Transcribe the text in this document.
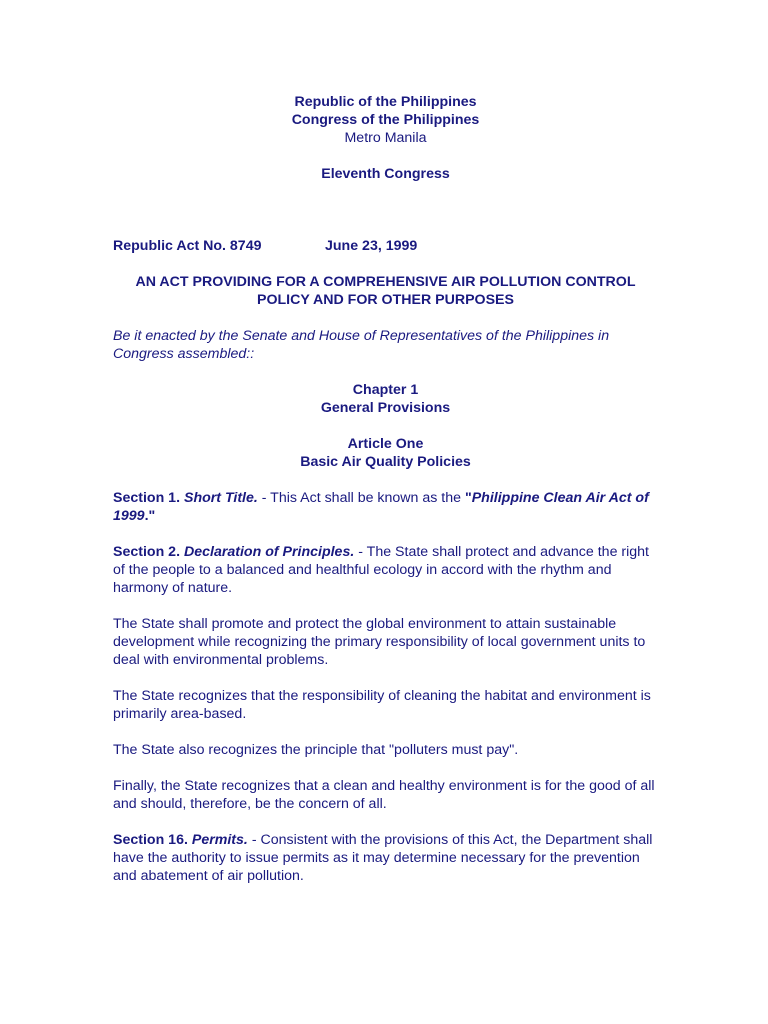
Republic of the Philippines
Congress of the Philippines
Metro Manila
Eleventh Congress
Republic Act No. 8749	June 23, 1999
AN ACT PROVIDING FOR A COMPREHENSIVE AIR POLLUTION CONTROL
POLICY AND FOR OTHER PURPOSES

Be it enacted by the Senate and House of Representatives of the Philippines in Congress assembled::

Chapter 1
General Provisions
Article One
Basic Air Quality Policies

Section 1. Short Title. - This Act shall be known as the "Philippine Clean Air Act of 1999."

Section 2. Declaration of Principles. - The State shall protect and advance the right of the people to a balanced and healthful ecology in accord with the rhythm and harmony of nature.

The State shall promote and protect the global environment to attain sustainable development while recognizing the primary responsibility of local government units to deal with environmental problems.

The State recognizes that the responsibility of cleaning the habitat and environment is primarily area-based.

The State also recognizes the principle that "polluters must pay".

Finally, the State recognizes that a clean and healthy environment is for the good of all and should, therefore, be the concern of all.

Section 16. Permits. - Consistent with the provisions of this Act, the Department shall have the authority to issue permits as it may determine necessary for the prevention and abatement of air pollution.
